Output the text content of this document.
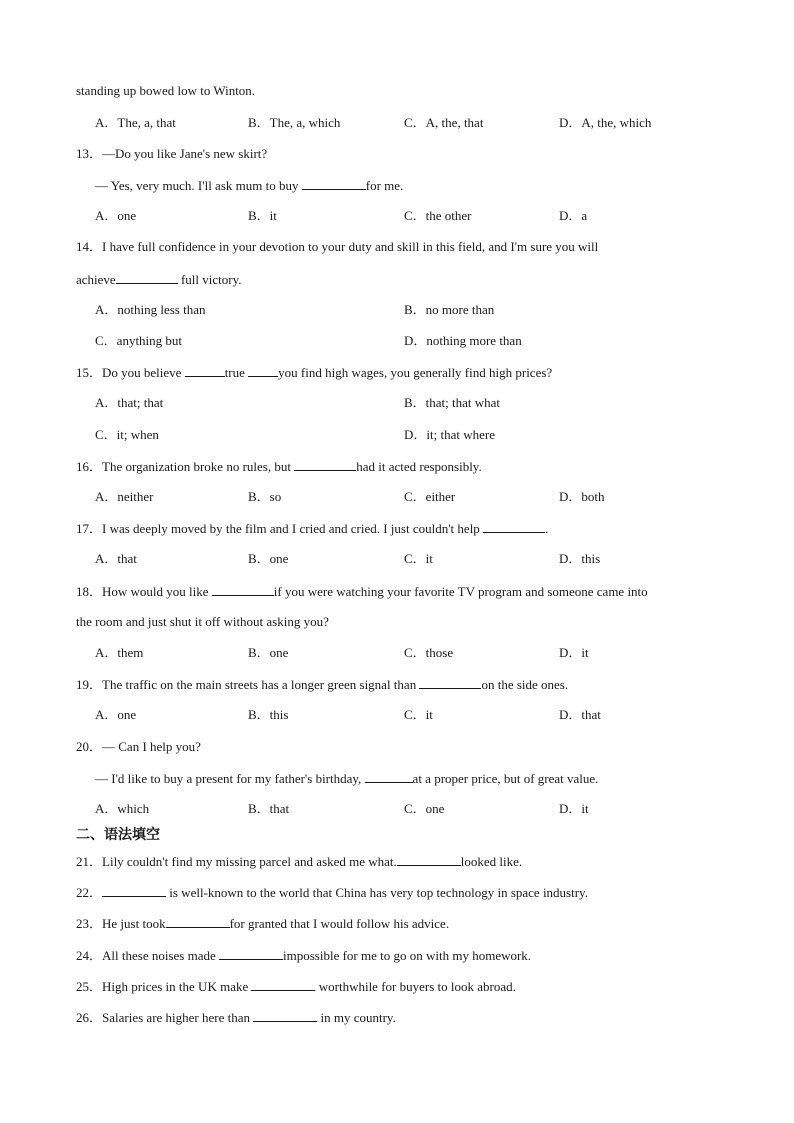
standing up bowed low to Winton.
A．The, a, that	B．The, a, which	C．A, the, that	D．A, the, which
13．—Do you like Jane's new skirt?
— Yes, very much. I'll ask mum to buy	for me.
A．one	B．it	C．the other	D．a
14．I have full confidence in your devotion to your duty and skill in this field, and I'm sure you will
achieve	full victory.
A．nothing less than	B．no more than
C．anything but	D．nothing more than
15．Do you believe	true you find high wages, you generally find high prices?
A．that; that	B．that; that what
C．it; when	D．it; that where
16．The organization broke no rules, but	had it acted responsibly.
A．neither	B．so	C．either	D．both
17．I was deeply moved by the film and I cried and cried. I just couldn't help	.
A．that	B．one	C．it	D．this
18．How would you like	if you were watching your favorite TV program and someone came into
the room and just shut it off without asking you?
A．them	B．one	C．those	D．it
19．The traffic on the main streets has a longer green signal than	on the side ones.
A．one	B．this	C．it	D．that
20．— Can I help you?
— I'd like to buy a present for my father's birthday,	at a proper price, but of great value.
A．which	B．that	C．one	D．it
二、语法填空
21．Lily couldn't find my missing parcel and asked me what.	looked like.
22．	is well-known to the world that China has very top technology in space industry.
23．He just took	for granted that I would follow his advice.
24．All these noises made	impossible for me to go on with my homework.
25．High prices in the UK make	worthwhile for buyers to look abroad.
26．Salaries are higher here than	in my country.
